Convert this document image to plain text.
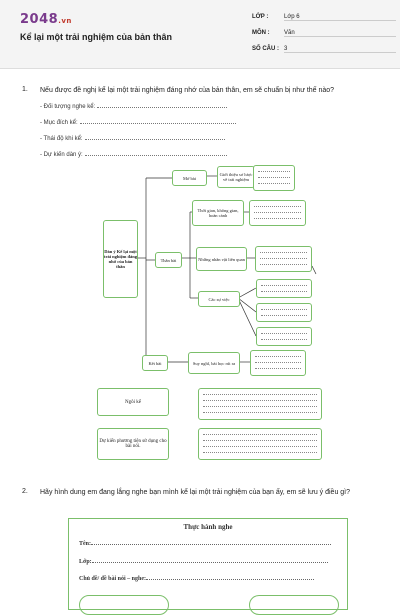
2048.vn
Kể lại một trải nghiệm của bản thân
LỚP :	Lớp 6
MÔN : Văn
SỐ CÂU : 3
1. Nếu được đề nghị kể lại một trải nghiệm đáng nhớ của bản thân, em sẽ chuẩn bị như thế nào?
- Đối tượng nghe kể:
- Mục đích kể:
- Thái độ khi kể:
- Dự kiến dàn ý:
Dàn ý Kể lại một trải nghiệm đáng nhớ của bản thân
Mở bài
Thân bài
Kết bài
Giới thiệu sơ lược về trải nghiệm
Thời gian, không gian, hoàn cảnh
Những nhân vật liên quan
Các sự việc
Suy nghĩ, bài học rút ra
Ngôi kể
Dự kiến phương tiện sử dụng cho bài nói.
2. Hãy hình dung em đang lắng nghe bạn mình kể lại một trải nghiệm của bạn ấy, em sẽ lưu ý điều gì?
Thực hành nghe
Tên:
Lớp:
Chủ đề/ đề bài nói – nghe:
